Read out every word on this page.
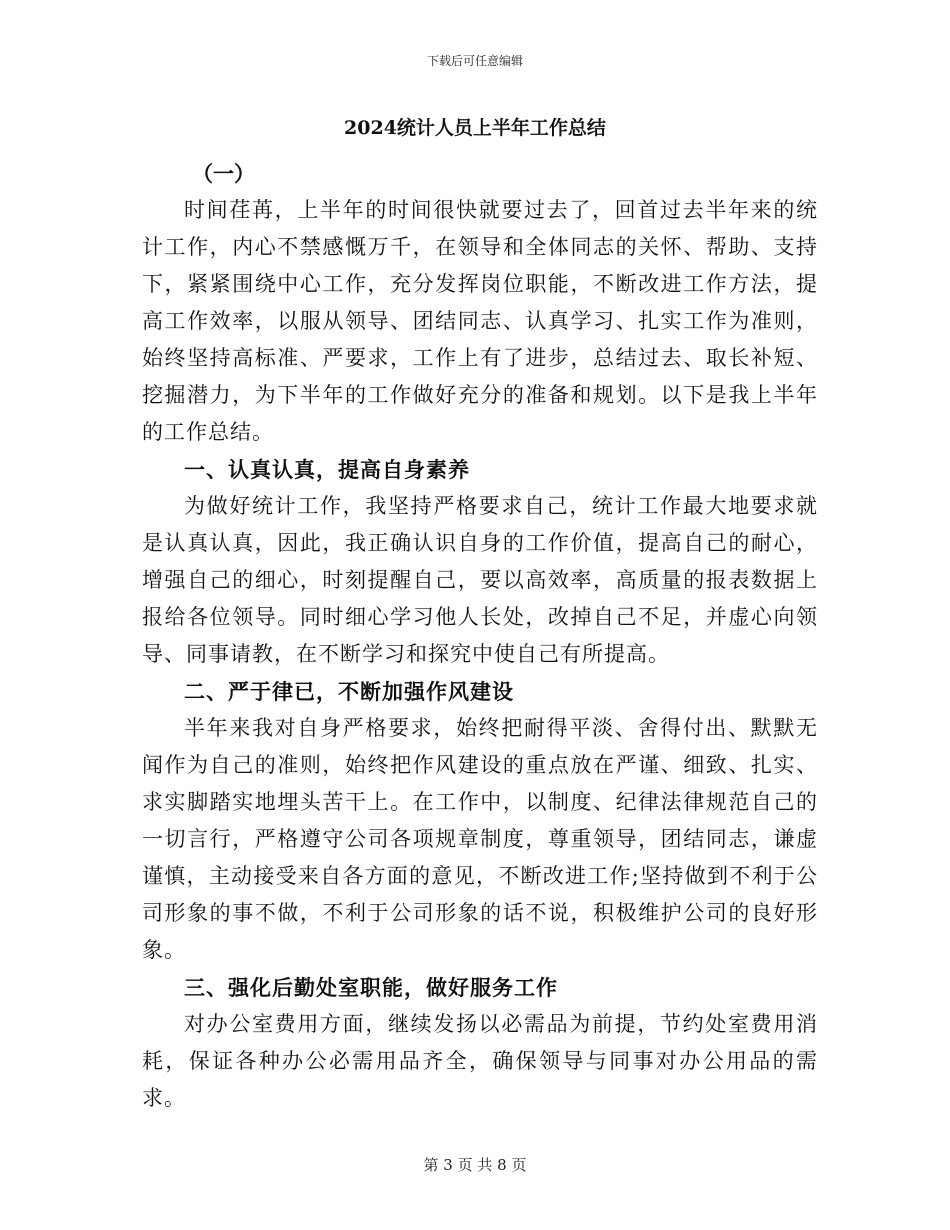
下载后可任意编辑
2024统计人员上半年工作总结

（一）

时间荏苒，上半年的时间很快就要过去了，回首过去半年来的统计工作，内心不禁感慨万千，在领导和全体同志的关怀、帮助、支持下，紧紧围绕中心工作，充分发挥岗位职能，不断改进工作方法，提高工作效率，以服从领导、团结同志、认真学习、扎实工作为准则，始终坚持高标准、严要求，工作上有了进步，总结过去、取长补短、挖掘潜力，为下半年的工作做好充分的准备和规划。以下是我上半年的工作总结。

一、认真认真，提高自身素养

为做好统计工作，我坚持严格要求自己，统计工作最大地要求就是认真认真，因此，我正确认识自身的工作价值，提高自己的耐心，增强自己的细心，时刻提醒自己，要以高效率，高质量的报表数据上报给各位领导。同时细心学习他人长处，改掉自己不足，并虚心向领导、同事请教，在不断学习和探究中使自己有所提高。

二、严于律已，不断加强作风建设

半年来我对自身严格要求，始终把耐得平淡、舍得付出、默默无闻作为自己的准则，始终把作风建设的重点放在严谨、细致、扎实、求实脚踏实地埋头苦干上。在工作中，以制度、纪律法律规范自己的一切言行，严格遵守公司各项规章制度，尊重领导，团结同志，谦虚谨慎，主动接受来自各方面的意见，不断改进工作;坚持做到不利于公司形象的事不做，不利于公司形象的话不说，积极维护公司的良好形象。

三、强化后勤处室职能，做好服务工作

对办公室费用方面，继续发扬以必需品为前提，节约处室费用消耗，保证各种办公必需用品齐全，确保领导与同事对办公用品的需求。

第 3 页 共 8 页
